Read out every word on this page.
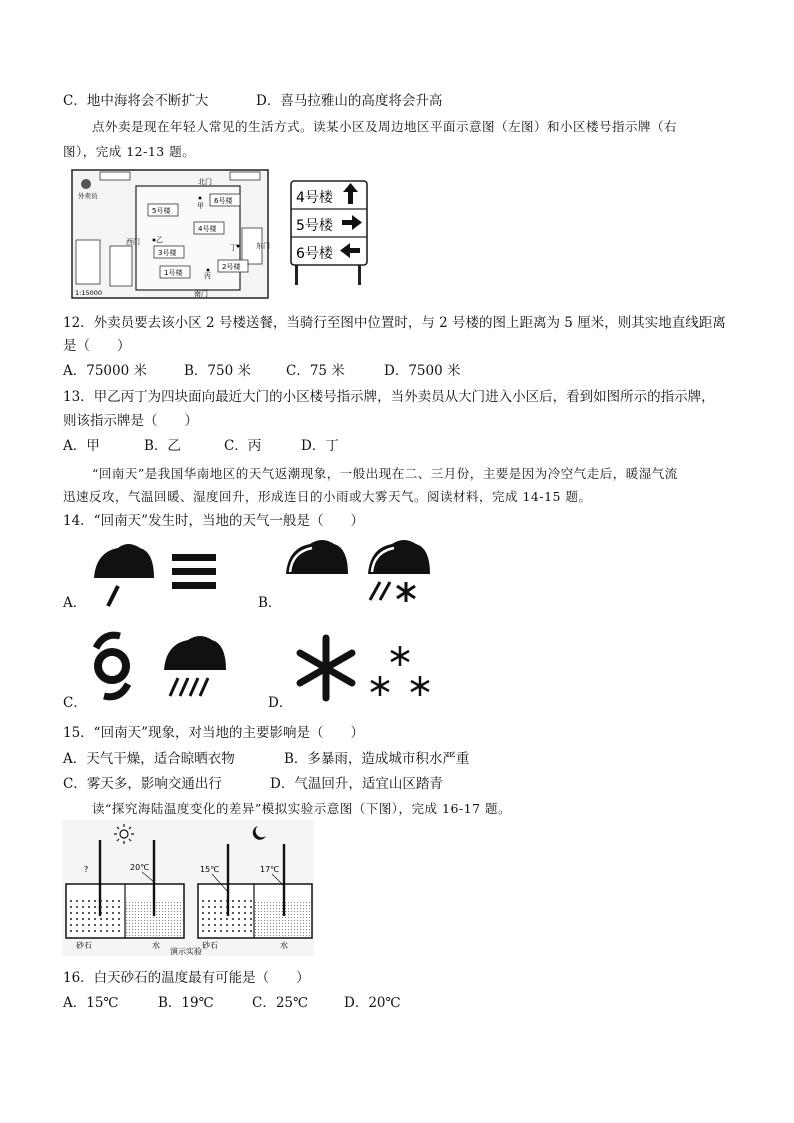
C．地中海将会不断扩大	D．喜马拉雅山的高度将会升高
点外卖是现在年轻人常见的生活方式。读某小区及周边地区平面示意图（左图）和小区楼号指示牌（右
图），完成 12-13 题。
北门
南门
西门	东门
外卖员
5号楼
6号楼
4号楼
3号楼
2号楼
1号楼
甲
乙
丙
丁
1:15000
4号楼
5号楼
6号楼
12．外卖员要去该小区 2 号楼送餐，当骑行至图中位置时，与 2 号楼的图上距离为 5 厘米，则其实地直线距离
是（　　）
A．75000 米	B．750 米	C．75 米	D．7500 米
13．甲乙丙丁为四块面向最近大门的小区楼号指示牌，当外卖员从大门进入小区后，看到如图所示的指示牌，
则该指示牌是（　　）
A．甲	B．乙	C．丙	D．丁
“回南天”是我国华南地区的天气返潮现象，一般出现在二、三月份，主要是因为冷空气走后，暖湿气流
迅速反攻，气温回暖、湿度回升，形成连日的小雨或大雾天气。阅读材料，完成 14-15 题。
14．“回南天”发生时，当地的天气一般是（　　）
A．	B．
C．	D．
15．“回南天”现象，对当地的主要影响是（　　）
A．天气干燥，适合晾晒衣物	B．多暴雨，造成城市积水严重
C．雾天多，影响交通出行	D．气温回升，适宜山区踏青
读“探究海陆温度变化的差异”模拟实验示意图（下图），完成 16-17 题。
?	20℃
砂石	水
15℃	17℃
砂石	水
演示实验
16．白天砂石的温度最有可能是（　　）
A．15℃	B．19℃	C．25℃	D．20℃
